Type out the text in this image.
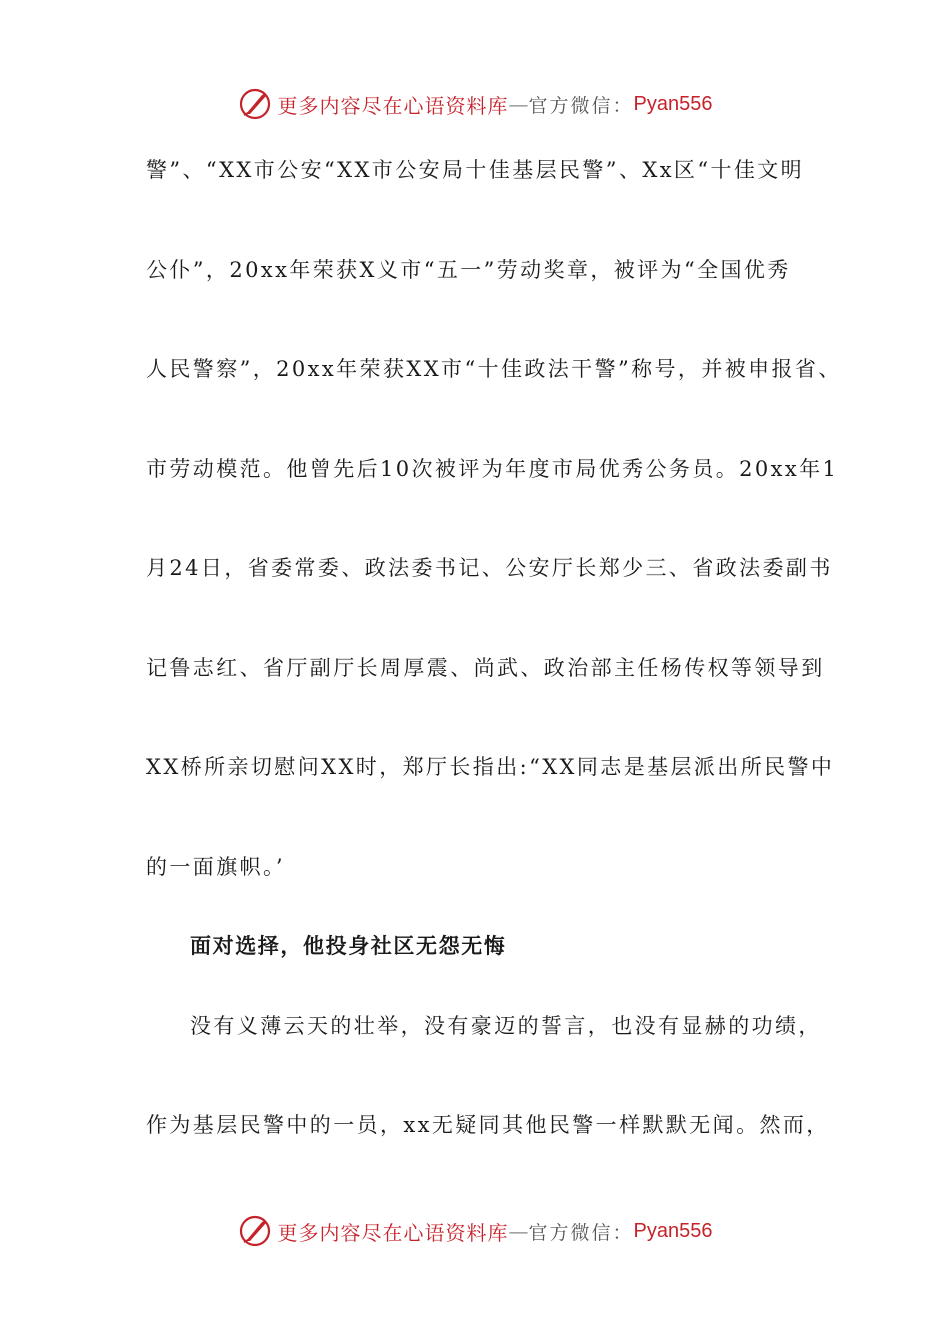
更多内容尽在心语资料库 — 官方微信： Pyan556
警”、“XX市公安“XX市公安局十佳基层民警”、Xx区“十佳文明
公仆”，20xx年荣获X义市“五一”劳动奖章，被评为“全国优秀
人民警察”，20xx年荣获XX市“十佳政法干警”称号，并被申报省、
市劳动模范。他曾先后10次被评为年度市局优秀公务员。20xx年1
月24日，省委常委、政法委书记、公安厅长郑少三、省政法委副书
记鲁志红、省厅副厅长周厚震、尚武、政治部主任杨传权等领导到
XX桥所亲切慰问XX时，郑厅长指出:“XX同志是基层派出所民警中
的一面旗帜。’
面对选择，他投身社区无怨无悔
没有义薄云天的壮举，没有豪迈的誓言，也没有显赫的功绩，
作为基层民警中的一员，xx无疑同其他民警一样默默无闻。然而，
更多内容尽在心语资料库 — 官方微信： Pyan556
